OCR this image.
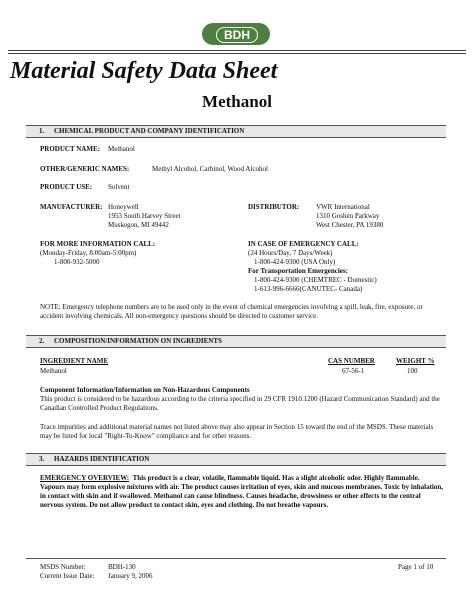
BDH
Material Safety Data Sheet
Methanol
1. CHEMICAL PRODUCT AND COMPANY IDENTIFICATION
PRODUCT NAME: Methanol
OTHER/GENERIC NAMES:	Methyl Alcohol, Carbinol, Wood Alcohol
PRODUCT USE: Solvent
MANUFACTURER: Honeywell
1953 South Harvey Street
Muskegon, MI 49442
DISTRIBUTOR: VWR International
1310 Goshen Parkway
West Chester, PA 19380
FOR MORE INFORMATION CALL:
(Monday-Friday, 8:00am-5:00pm)
1-800-932-5000
IN CASE OF EMERGENCY CALL:
(24 Hours/Day, 7 Days/Week)
1-800-424-9300 (USA Only)
For Transportation Emergencies:
1-800-424-9300 (CHEMTREC - Domestic)
1-613-996-6666(CANUTEC- Canada)
NOTE: Emergency telephone numbers are to be used only in the event of chemical emergencies involving a spill, leak, fire, exposure, or accident involving chemicals. All non-emergency questions should be directed to customer service.
2. COMPOSITION/INFORMATION ON INGREDIENTS
INGREDIENT NAME	CAS NUMBER	WEIGHT %
Methanol	67-56-1	100
Component Information/Information on Non-Hazardous Components
This product is considered to be hazardous according to the criteria specified in 29 CFR 1910.1200 (Hazard Communication Standard) and the Canadian Controlled Product Regulations.
Trace impurities and additional material names not listed above may also appear in Section 15 toward the end of the MSDS. These materials may be listed for local "Right-To-Know" compliance and for other reasons.
3. HAZARDS IDENTIFICATION
EMERGENCY OVERVIEW: This product is a clear, volatile, flammable liquid. Has a slight alcoholic odor. Highly flammable. Vapours may form explosive mixtures with air. The product causes irritation of eyes, skin and mucous membranes. Toxic by inhalation, in contact with skin and if swallowed. Methanol can cause blindness. Causes headache, drowsiness or other effects to the central nervous system. Do not allow product to contact skin, eyes and clothing. Do not breathe vapours.
MSDS Number:	BDH-130
Current Issue Date: January 9, 2006
Page 1 of 10
